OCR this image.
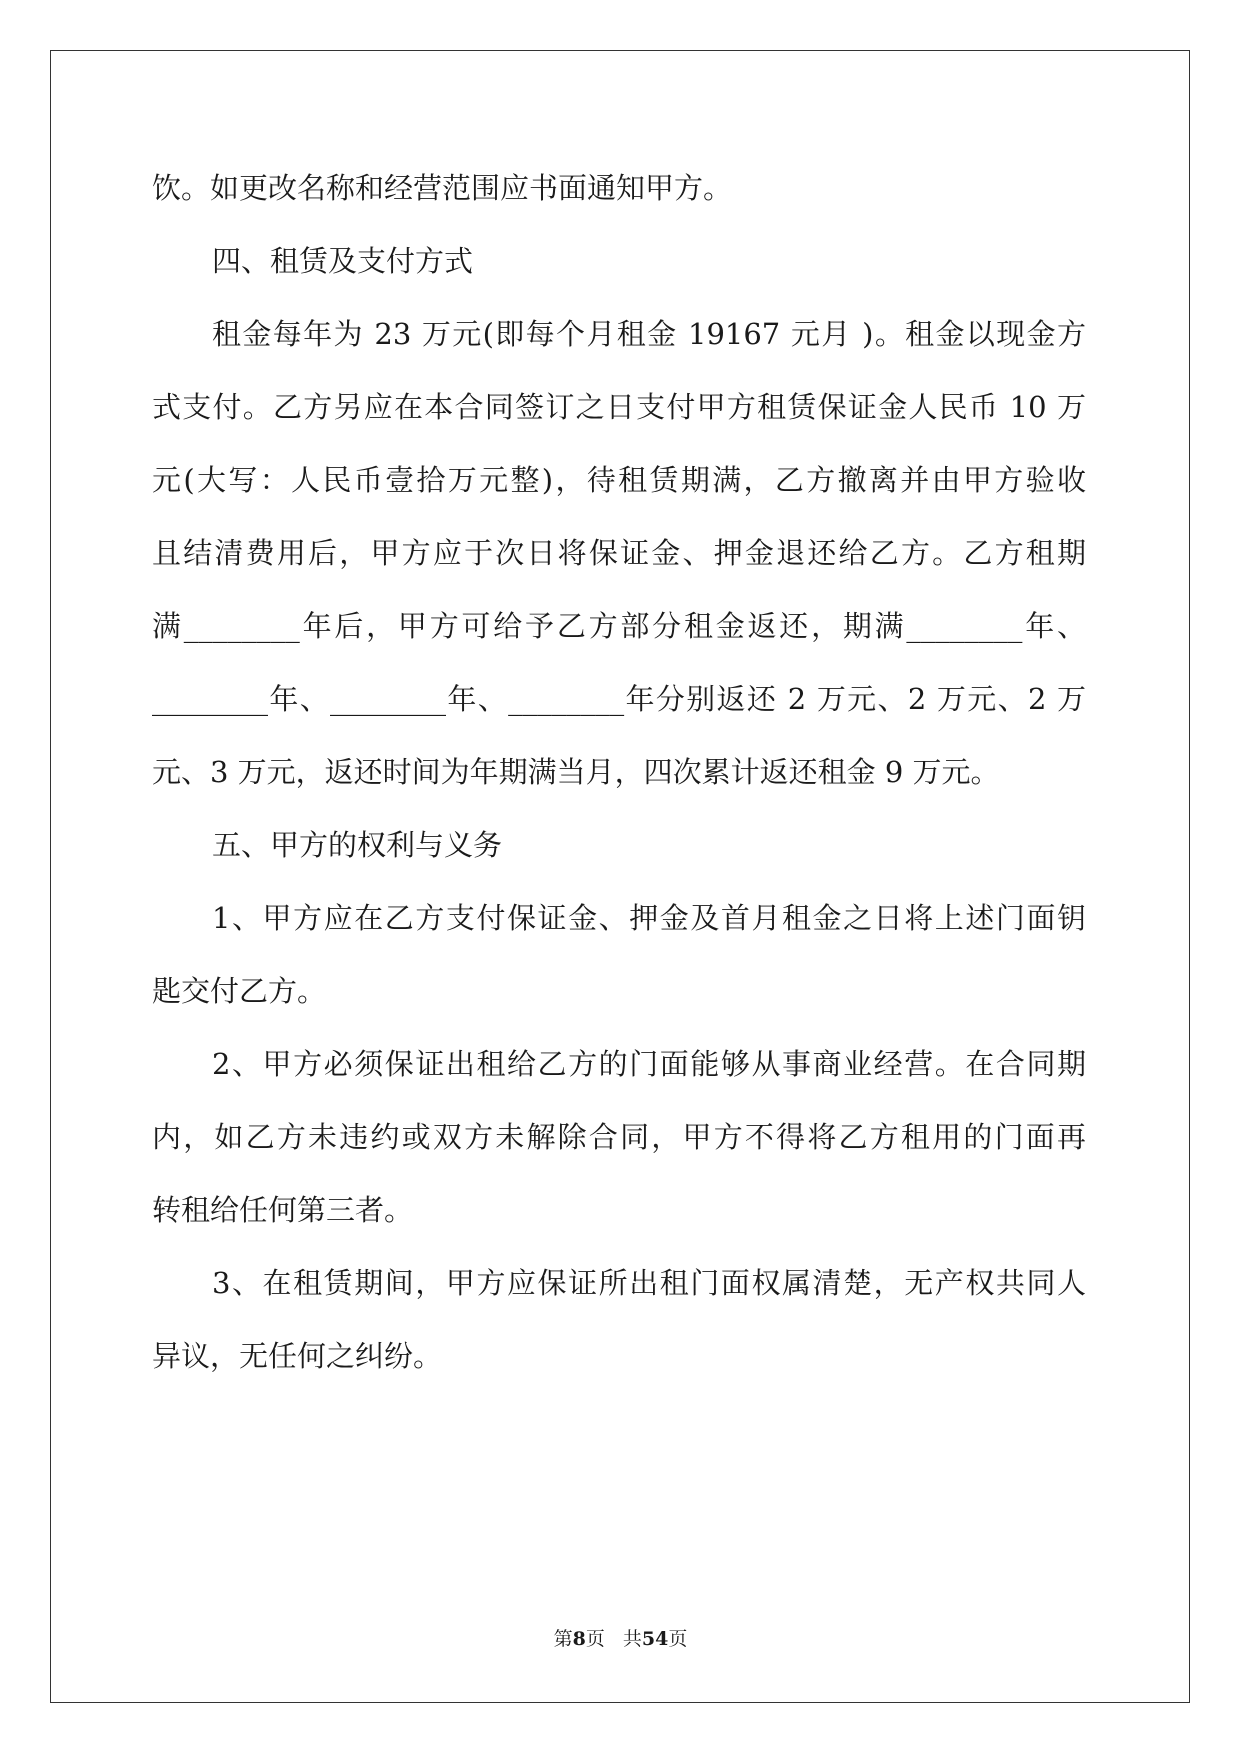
饮。如更改名称和经营范围应书面通知甲方。
四、租赁及支付方式
租金每年为 23 万元(即每个月租金 19167 元月 )。租金以现金方
式支付。乙方另应在本合同签订之日支付甲方租赁保证金人民币 10 万
元(大写：人民币壹拾万元整)，待租赁期满，乙方撤离并由甲方验收
且结清费用后，甲方应于次日将保证金、押金退还给乙方。乙方租期
满________年后，甲方可给予乙方部分租金返还，期满________年、
________年、________年、________年分别返还 2 万元、2 万元、2 万
元、3 万元，返还时间为年期满当月，四次累计返还租金 9 万元。
五、甲方的权利与义务
1、甲方应在乙方支付保证金、押金及首月租金之日将上述门面钥
匙交付乙方。
2、甲方必须保证出租给乙方的门面能够从事商业经营。在合同期
内，如乙方未违约或双方未解除合同，甲方不得将乙方租用的门面再
转租给任何第三者。
3、在租赁期间，甲方应保证所出租门面权属清楚，无产权共同人
异议，无任何之纠纷。
第8页 共54页
